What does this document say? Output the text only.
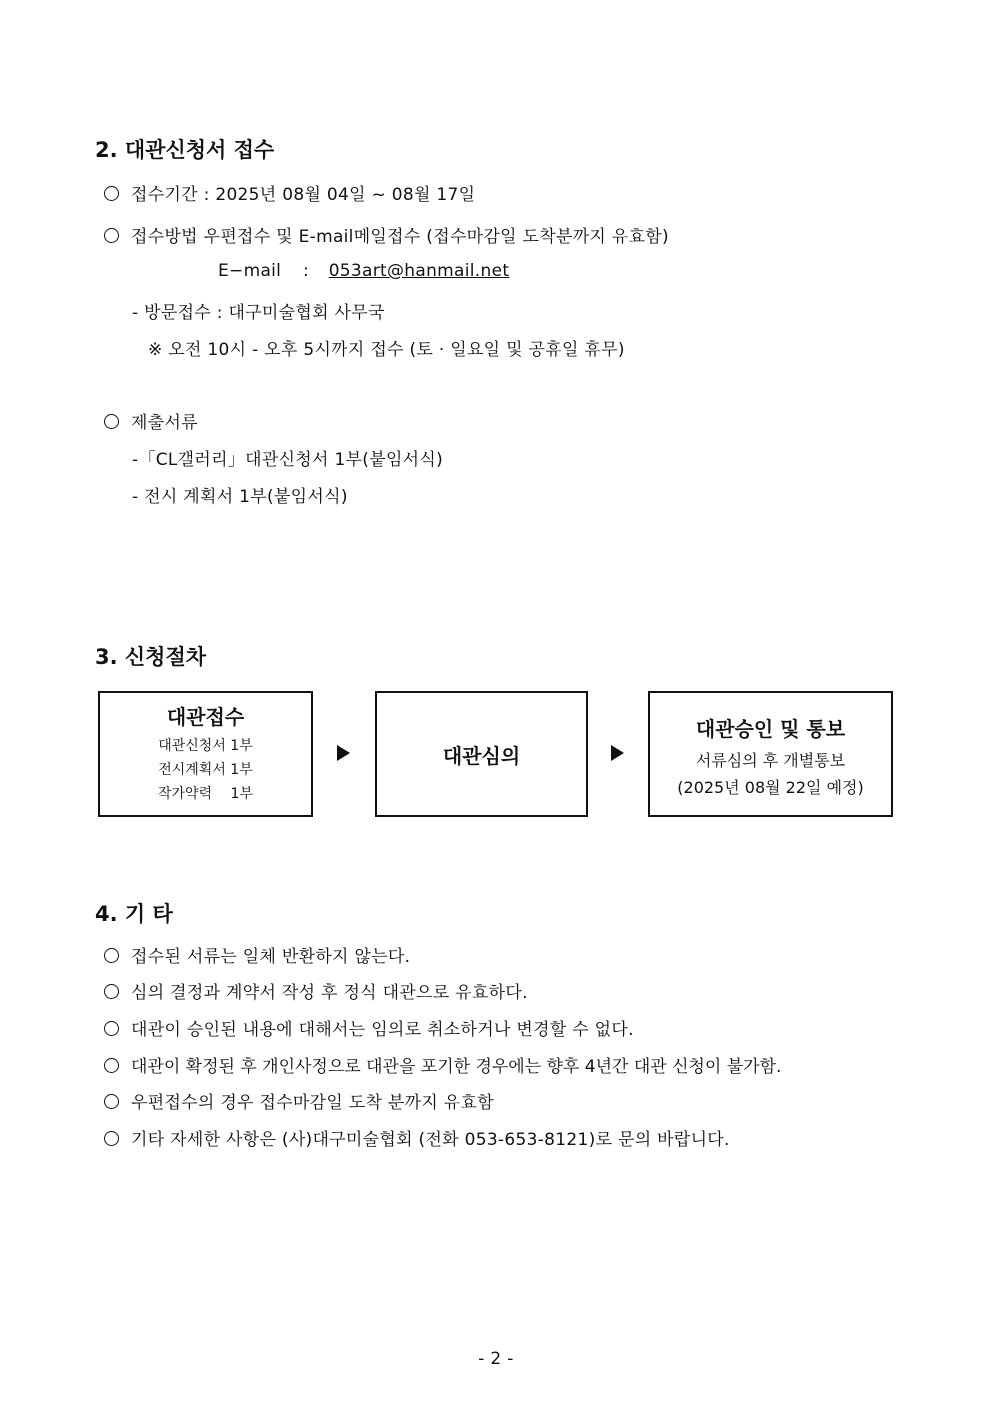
2. 대관신청서 접수
접수기간 : 2025년 08월 04일 ~ 08월 17일
접수방법 우편접수 및 E-mail메일접수 (접수마감일 도착분까지 유효함)
E−mail : 053art@hanmail.net
- 방문접수 : 대구미술협회 사무국
※ 오전 10시 - 오후 5시까지 접수 (토 · 일요일 및 공휴일 휴무)
제출서류
-「CL갤러리」대관신청서 1부(붙임서식)
- 전시 계획서 1부(붙임서식)
3. 신청절차
대관접수
대관신청서 1부
전시계획서 1부
작가약력 　1부
대관심의
대관승인 및 통보
서류심의 후 개별통보
(2025년 08월 22일 예정)
4. 기 타
접수된 서류는 일체 반환하지 않는다.
심의 결정과 계약서 작성 후 정식 대관으로 유효하다.
대관이 승인된 내용에 대해서는 임의로 취소하거나 변경할 수 없다.
대관이 확정된 후 개인사정으로 대관을 포기한 경우에는 향후 4년간 대관 신청이 불가함.
우편접수의 경우 접수마감일 도착 분까지 유효함
기타 자세한 사항은 (사)대구미술협회 (전화 053-653-8121)로 문의 바랍니다.
- 2 -
